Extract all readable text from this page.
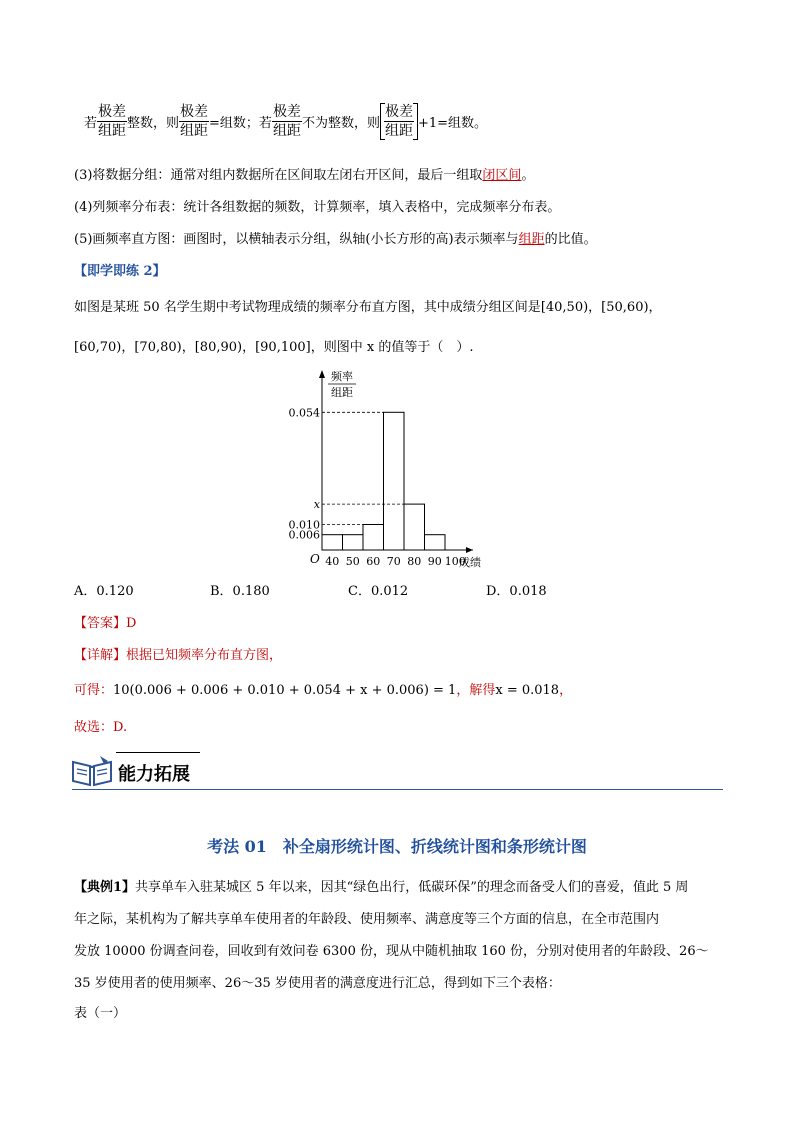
若 $\frac{\text{极差}}{\text{组距}}$ 整数，则 $\frac{\text{极差}}{\text{组距}}$ =组数；若 $\frac{\text{极差}}{\text{组距}}$ 不为整数，则 $\frac{\text{极差}}{\text{组距}} +1=$组数。
(3)将数据分组：通常对组内数据所在区间取左闭右开区间，最后一组取闭区间。
(4)列频率分布表：统计各组数据的频数，计算频率，填入表格中，完成频率分布表。
(5)画频率直方图：画图时，以横轴表示分组，纵轴(小长方形的高)表示频率与组距的比值。
【即学即练 2】
如图是某班 50 名学生期中考试物理成绩的频率分布直方图，其中成绩分组区间是[40,50)，[50,60)，
[60,70)，[70,80)，[80,90)，[90,100]，则图中 x 的值等于（　）.
频率
组距
0.054
x
0.010
0.006
40 50 60 70 80 90 100
成绩
O
A．0.120	B．0.180	C．0.012	D．0.018
【答案】D
【详解】根据已知频率分布直方图，
可得：10(0.006 + 0.006 + 0.010 + 0.054 + x + 0.006) = 1，解得x = 0.018，
故选：D.
能力拓展
考法 01　补全扇形统计图、折线统计图和条形统计图
【典例1】共享单车入驻某城区 5 年以来，因其“绿色出行，低碳环保”的理念而备受人们的喜爱，值此 5 周
年之际，某机构为了解共享单车使用者的年龄段、使用频率、满意度等三个方面的信息，在全市范围内
发放 10000 份调查问卷，回收到有效问卷 6300 份，现从中随机抽取 160 份，分别对使用者的年龄段、26～
35 岁使用者的使用频率、26～35 岁使用者的满意度进行汇总，得到如下三个表格：
表（一）
